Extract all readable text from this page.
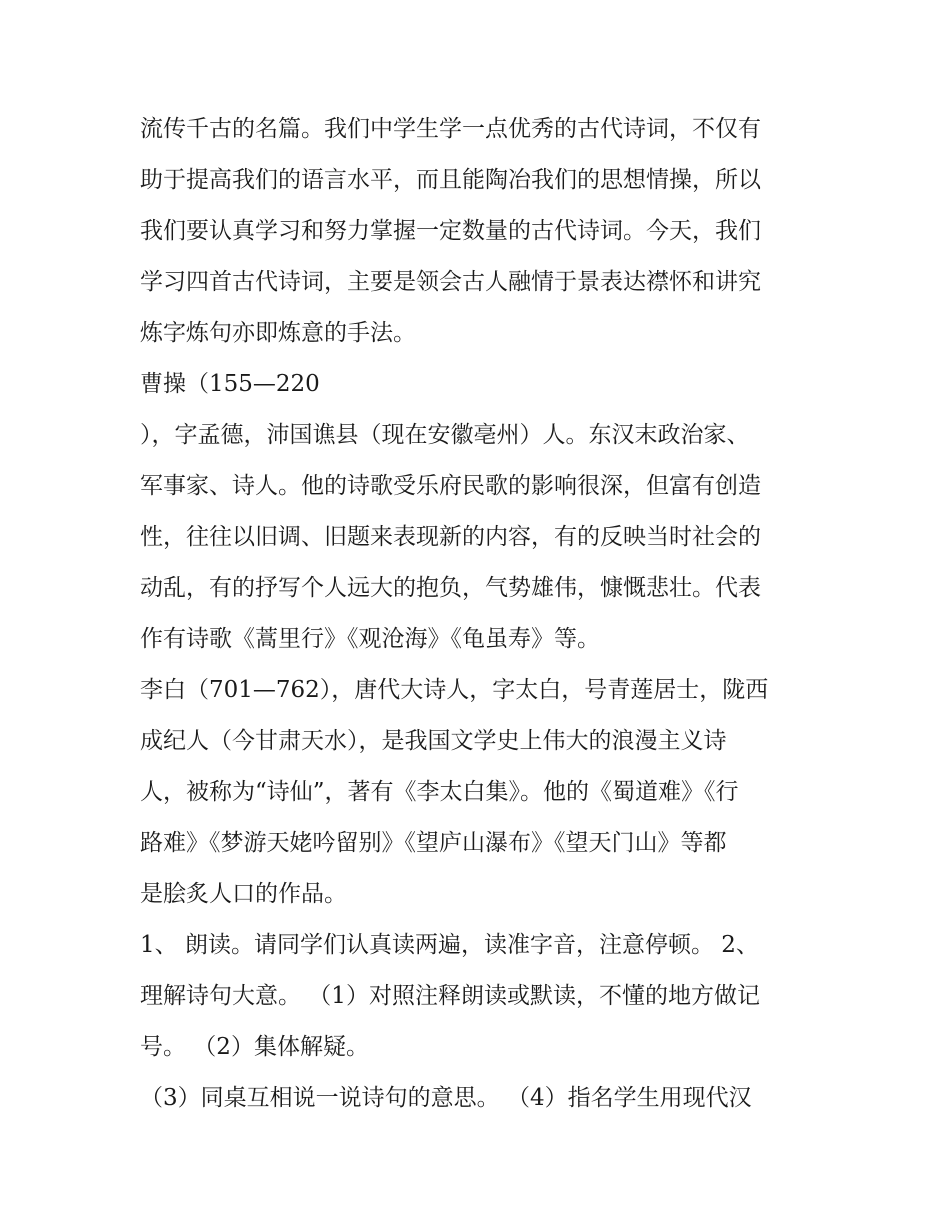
流传千古的名篇。我们中学生学一点优秀的古代诗词，不仅有
助于提高我们的语言水平，而且能陶冶我们的思想情操，所以
我们要认真学习和努力掌握一定数量的古代诗词。今天，我们
学习四首古代诗词，主要是领会古人融情于景表达襟怀和讲究
炼字炼句亦即炼意的手法。
曹操（155—220
），字孟德，沛国谯县（现在安徽亳州）人。东汉末政治家、
军事家、诗人。他的诗歌受乐府民歌的影响很深，但富有创造
性，往往以旧调、旧题来表现新的内容，有的反映当时社会的
动乱，有的抒写个人远大的抱负，气势雄伟，慷慨悲壮。代表
作有诗歌《蒿里行》《观沧海》《龟虽寿》等。
李白（701—762），唐代大诗人，字太白，号青莲居士，陇西
成纪人（今甘肃天水），是我国文学史上伟大的浪漫主义诗
人，被称为“诗仙”，著有《李太白集》。他的《蜀道难》《行
路难》《梦游天姥吟留别》《望庐山瀑布》《望天门山》等都
是脍炙人口的作品。
1、 朗读。请同学们认真读两遍，读准字音，注意停顿。 2、
理解诗句大意。 （1）对照注释朗读或默读，不懂的地方做记
号。 （2）集体解疑。
（3）同桌互相说一说诗句的意思。 （4）指名学生用现代汉
